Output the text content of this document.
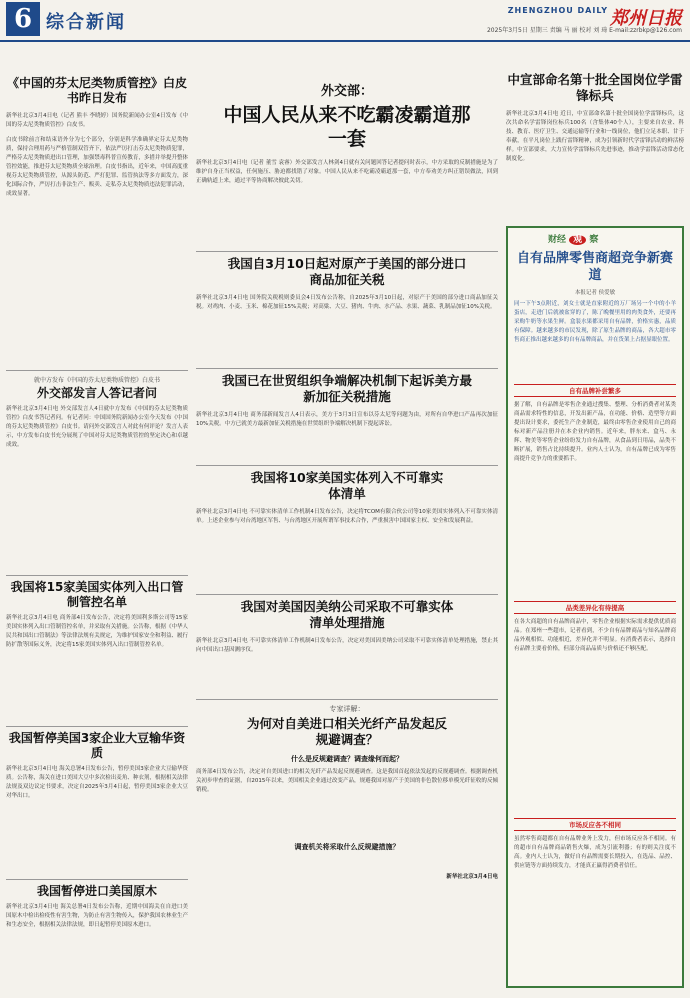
6 综合新闻
ZHENGZHOU DAILY 郑州日报
2025年3月5日 星期三 责编 马 丽 校对 刘 琦 E-mail:zzrbkp@126.com
《中国的芬太尼类物质管控》白皮书昨日发布
新华社北京3月4日电（记者 熊丰 李晓婷）国务院新闻办公室4日发布《中国的芬太尼类物质管控》白皮书。
白皮书除前言和结束语外分为七个部分，分别是科学准确界定芬太尼类物质，保持合理用药与严格管制双管齐下，依法严厉打击芬太尼类物质犯罪，严格芬太尼类物质进出口管理，加强禁毒科普宣传教育，多措并举提升整体管控效能，推进芬太尼类物质全球治理。白皮书指出，近年来，中国高度重视芬太尼类物质管控，从源头防范、严打犯罪、监管执法等多方面发力，深化国际合作，严厉打击非法生产、贩卖、走私芬太尼类物质违法犯罪活动，成效显著。
就中方发布《中国的芬太尼类物质管控》白皮书
外交部发言人答记者问
新华社北京3月4日电 外交部发言人4日就中方发布《中国的芬太尼类物质管控》白皮书答记者问。有记者问：中国国务院新闻办公室今天发布《中国的芬太尼类物质管控》白皮书。请问外交部发言人对此有何评论？发言人表示，中方发布白皮书充分展现了中国对芬太尼类物质管控的坚定决心和卓越成效。
我国将15家美国实体列入出口管制管控名单
新华社北京3月4日电 商务部4日发布公告，决定将美国利多斯公司等15家美国实体列入出口管制管控名单，并采取有关措施。公告称，根据《中华人民共和国出口管制法》等法律法规有关规定，为维护国家安全和利益、履行防扩散等国际义务，决定将15家美国实体列入出口管制管控名单。
我国暂停美国3家企业大豆输华资质
新华社北京3月4日电 海关总署4日发布公告，暂停美国3家企业大豆输华资质。公告称，海关在进口美国大豆中多次检出麦角、种衣剂，根据相关法律法规及双边议定书要求，决定自2025年3月4日起，暂停美国3家企业大豆对华出口。
我国暂停进口美国原木
新华社北京3月4日电 海关总署4日发布公告称，近期中国海关在自进口美国原木中检出检疫性有害生物，为防止有害生物传入，保护我国农林业生产和生态安全，根据相关法律法规，即日起暂停美国原木进口。
外交部：
中国人民从来不吃霸凌霸道那一套
新华社北京3月4日电（记者 董雪 袁睿）外交部发言人林剑4日就有关问题回答记者提问时表示，中方采取的反制措施是为了维护自身正当权益，任何施压、胁迫都找错了对象。中国人民从来不吃霸凌霸道那一套，中方奉劝美方纠正错误做法，回到正确轨道上来，通过平等协商解决彼此关切。
我国自3月10日起对原产于美国的部分进口商品加征关税
新华社北京3月4日电 国务院关税税则委员会4日发布公告称，自2025年3月10日起，对原产于美国的部分进口商品加征关税。对鸡肉、小麦、玉米、棉花加征15%关税；对高粱、大豆、猪肉、牛肉、水产品、水果、蔬菜、乳制品加征10%关税。
我国已在世贸组织争端解决机制下起诉美方最新加征关税措施
新华社北京3月4日电 商务部新闻发言人4日表示，美方于3月3日宣布以芬太尼等问题为由，对所有自华进口产品再次加征10%关税。中方已就美方最新加征关税措施在世贸组织争端解决机制下提起诉讼。
我国将10家美国实体列入不可靠实体清单
新华社北京3月4日电 不可靠实体清单工作机制4日发布公告，决定将TCOM有限合伙公司等10家美国实体列入不可靠实体清单。上述企业参与对台湾地区军售、与台湾地区开展所谓军事技术合作，严重损害中国国家主权、安全和发展利益。
我国对美国因美纳公司采取不可靠实体清单处理措施
新华社北京3月4日电 不可靠实体清单工作机制4日发布公告，决定对美国因美纳公司采取不可靠实体清单处理措施，禁止其向中国出口基因测序仪。
专家详解：
为何对自美进口相关光纤产品发起反规避调查？
什么是反规避调查？调查缘何而起？
商务部4日发布公告，决定对自美国进口的相关光纤产品发起反规避调查。这是我国首起依法发起的反规避调查。根据调查机关初步审查的证据，自2015年以来，美国相关企业通过改变产品，规避我国对原产于美国的非色散位移单模光纤征收的反倾销税。
调查机关将采取什么反规避措施？
新华社北京3月4日电
中宣部命名第十批全国岗位学雷锋标兵
新华社北京3月4日电 近日，中宣部命名第十批全国岗位学雷锋标兵，这次共命名学雷锋岗位标兵100名（含集体40个人），主要来自农业、科技、教育、医疗卫生、交通运输等行业和一线岗位，他们立足本职、甘于奉献，在平凡岗位上践行雷锋精神，成为引领新时代学雷锋活动的鲜活榜样。中宣部要求，大力宣传学雷锋标兵先进事迹，推动学雷锋活动常态化制度化。
财经 观 察
自有品牌零售商超竞争新赛道
本报记者 侯爱敏
同一下午3点附近，刘女士就是直家附近的万厂场另一个中的小羊蛋店，走进门后就被盆穿的了，陈了晚餐里用的肉类食外，还要再采购牛奶等水果生鲜。盒装水果都采用自有品牌，价格实惠，品质有保障。越来越多的市民发现，除了原生品牌的商品，各大超市零售商正推出越来越多的自有品牌商品，并在货架上占据显眼位置。
自有品牌补尝繁多
据了解，自有品牌是零售企业通过搜集、整理、分析消费者对某类商品需求特性的信息，开发出新产品，在功能、价格、造型等方面提出设计要求，委托生产企业制造，最终由零售企业使用自己的商标对新产品注册并在本企业内销售。近年来，胖东来、盒马、永辉、物美等零售企业纷纷发力自有品牌，从食品到日用品，品类不断扩展，销售占比持续提升。业内人士认为，自有品牌已成为零售商提升竞争力的重要抓手。
品类差异化有待提高
在各大商超的自有品牌商品中，零售企业根据实际需求提供优质商品。在郑州一些超市，记者看到，不少自有品牌商品与知名品牌商品外观相似、功能相近，差异化并不明显。有消费者表示，选择自有品牌主要看价格，但部分商品品质与价格还不够匹配。
市场反应各不相同
虽然零售商超都在自有品牌业务上发力，但市场反应各不相同。有的超市自有品牌商品销售火爆，成为引流利器；有的则关注度不高。业内人士认为，做好自有品牌需要长期投入，在选品、品控、供应链等方面持续发力，才能真正赢得消费者信任。
